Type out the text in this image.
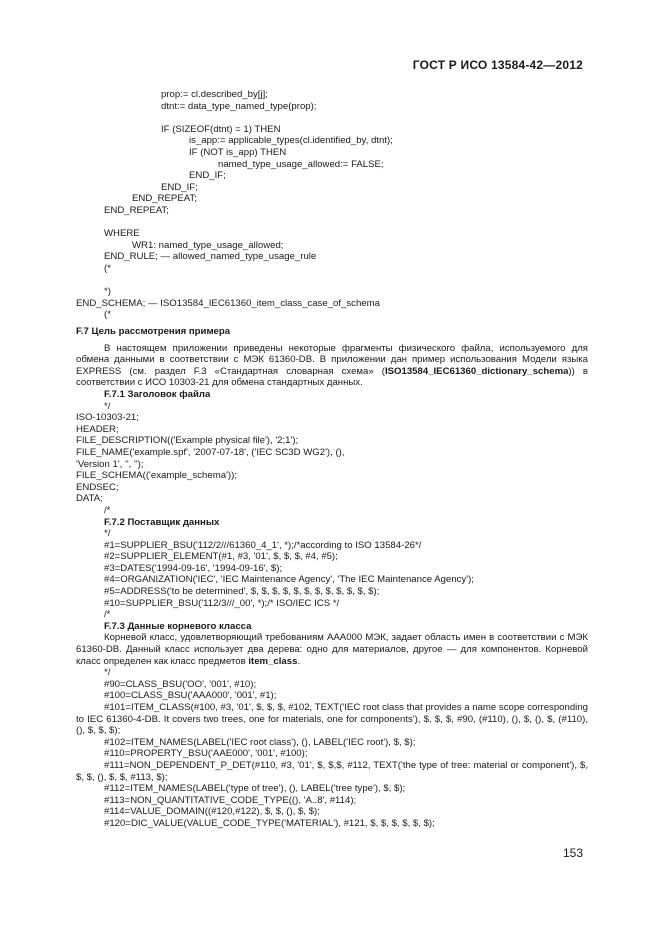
ГОСТ Р ИСО 13584-42—2012
prop:= cl.described_by[j];
dtnt:= data_type_named_type(prop);
IF (SIZEOF(dtnt) = 1) THEN
is_app:= applicable_types(cl.identified_by, dtnt);
IF (NOT is_app) THEN
named_type_usage_allowed:= FALSE;
END_IF;
END_IF;
END_REPEAT;
END_REPEAT;
WHERE
WR1: named_type_usage_allowed;
END_RULE; — allowed_named_type_usage_rule
(*
*)
END_SCHEMA; — ISO13584_IEC61360_item_class_case_of_schema
(*
F.7 Цель рассмотрения примера
В настоящем приложении приведены некоторые фрагменты физического файла, используемого для обмена данными в соответствии с МЭК 61360-DB. В приложении дан пример использования Модели языка EXPRESS (см. раздел F.3 «Стандартная словарная схема» (ISO13584_IEC61360_dictionary_schema)) в соответствии с ИСО 10303-21 для обмена стандартных данных.
F.7.1 Заголовок файла
*/
ISO-10303-21;
HEADER;
FILE_DESCRIPTION(('Example physical file'), '2;1');
FILE_NAME('example.spf', '2007-07-18', ('IEC SC3D WG2'), (),
'Version 1', '', '');
FILE_SCHEMA(('example_schema'));
ENDSEC;
DATA;
/*
F.7.2 Поставщик данных
*/
#1=SUPPLIER_BSU('112/2///61360_4_1', *);/*according to ISO 13584-26*/
#2=SUPPLIER_ELEMENT(#1, #3, '01', $, $, $, #4, #5);
#3=DATES('1994-09-16', '1994-09-16', $);
#4=ORGANIZATION('IEC', 'IEC Maintenance Agency', 'The IEC Maintenance Agency');
#5=ADDRESS('to be determined', $, $, $, $, $, $, $, $, $, $, $, $);
#10=SUPPLIER_BSU('112/3///_00', *);/* ISO/IEC ICS */
/*
F.7.3 Данные корневого класса
Корневой класс, удовлетворяющий требованиям AAA000 МЭК, задает область имен в соответствии с МЭК 61360-DB. Данный класс использует два дерева: одно для материалов, другое — для компонентов. Корневой класс определен как класс предметов item_class.
*/
#90=CLASS_BSU('OO', '001', #10);
#100=CLASS_BSU('AAA000', '001', #1);
#101=ITEM_CLASS(#100, #3, '01', $, $, $, #102, TEXT('IEC root class that provides a name scope corresponding to IEC 61360-4-DB. It covers two trees, one for materials, one for components'), $, $, $, #90, (#110), (), $, (), $, (#110), (), $, $, $);
#102=ITEM_NAMES(LABEL('IEC root class'), (), LABEL('IEC root'), $, $);
#110=PROPERTY_BSU('AAE000', '001', #100);
#111=NON_DEPENDENT_P_DET(#110, #3, '01', $, $,$, #112, TEXT('the type of tree: material or component'), $, $, $, (), $, $, #113, $);
#112=ITEM_NAMES(LABEL('type of tree'), (), LABEL('tree type'), $, $);
#113=NON_QUANTITATIVE_CODE_TYPE((), 'A..8', #114);
#114=VALUE_DOMAIN((#120,#122), $, $, (), $, $);
#120=DIC_VALUE(VALUE_CODE_TYPE('MATERIAL'), #121, $, $, $, $, $, $);
153
